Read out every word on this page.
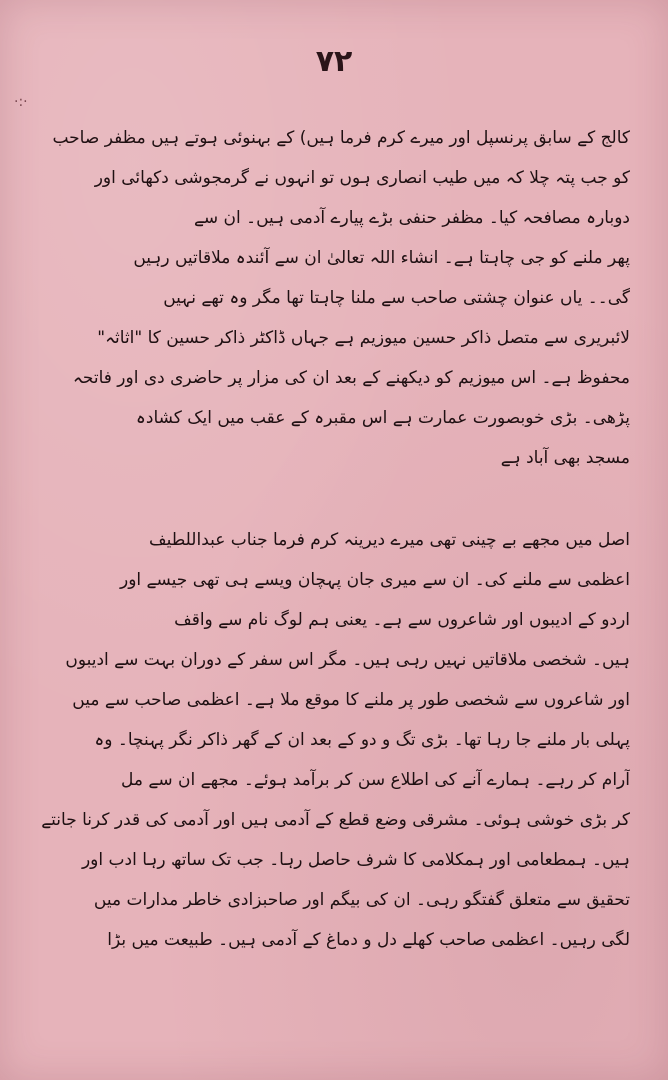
·:·
۷۲
کالج کے سابق پرنسپل اور میرے کرم فرما ہیں) کے بہنوئی ہوتے ہیں مظفر صاحب
کو جب پتہ چلا کہ میں طیب انصاری ہوں تو انہوں نے گرمجوشی دکھائی اور
دوبارہ مصافحہ کیا۔ مظفر حنفی بڑے پیارے آدمی ہیں۔ ان سے
پھر ملنے کو جی چاہتا ہے۔ انشاء اللہ تعالیٰ ان سے آئندہ ملاقاتیں رہیں
گی۔۔ یاں عنوان چشتی صاحب سے ملنا چاہتا تھا مگر وہ تھے نہیں
لائبریری سے متصل ذاکر حسین میوزیم ہے جہاں ڈاکٹر ذاکر حسین کا "اثاثہ"
محفوظ ہے۔ اس میوزیم کو دیکھنے کے بعد ان کی مزار پر حاضری دی اور فاتحہ
پڑھی۔ بڑی خوبصورت عمارت ہے اس مقبرہ کے عقب میں ایک کشادہ
مسجد بھی آباد ہے
اصل میں مجھے بے چینی تھی میرے دیرینہ کرم فرما جناب عبداللطیف
اعظمی سے ملنے کی۔ ان سے میری جان پہچان ویسے ہی تھی جیسے اور
اردو کے ادیبوں اور شاعروں سے ہے۔ یعنی ہم لوگ نام سے واقف
ہیں۔ شخصی ملاقاتیں نہیں رہی ہیں۔ مگر اس سفر کے دوران بہت سے ادیبوں
اور شاعروں سے شخصی طور پر ملنے کا موقع ملا ہے۔ اعظمی صاحب سے میں
پہلی بار ملنے جا رہا تھا۔ بڑی تگ و دو کے بعد ان کے گھر ذاکر نگر پہنچا۔ وہ
آرام کر رہے۔ ہمارے آنے کی اطلاع سن کر برآمد ہوئے۔ مجھے ان سے مل
کر بڑی خوشی ہوئی۔ مشرقی وضع قطع کے آدمی ہیں اور آدمی کی قدر کرنا جانتے
ہیں۔ ہمطعامی اور ہمکلامی کا شرف حاصل رہا۔ جب تک ساتھ رہا ادب اور
تحقیق سے متعلق گفتگو رہی۔ ان کی بیگم اور صاحبزادی خاطر مدارات میں
لگی رہیں۔ اعظمی صاحب کھلے دل و دماغ کے آدمی ہیں۔ طبیعت میں بڑا
